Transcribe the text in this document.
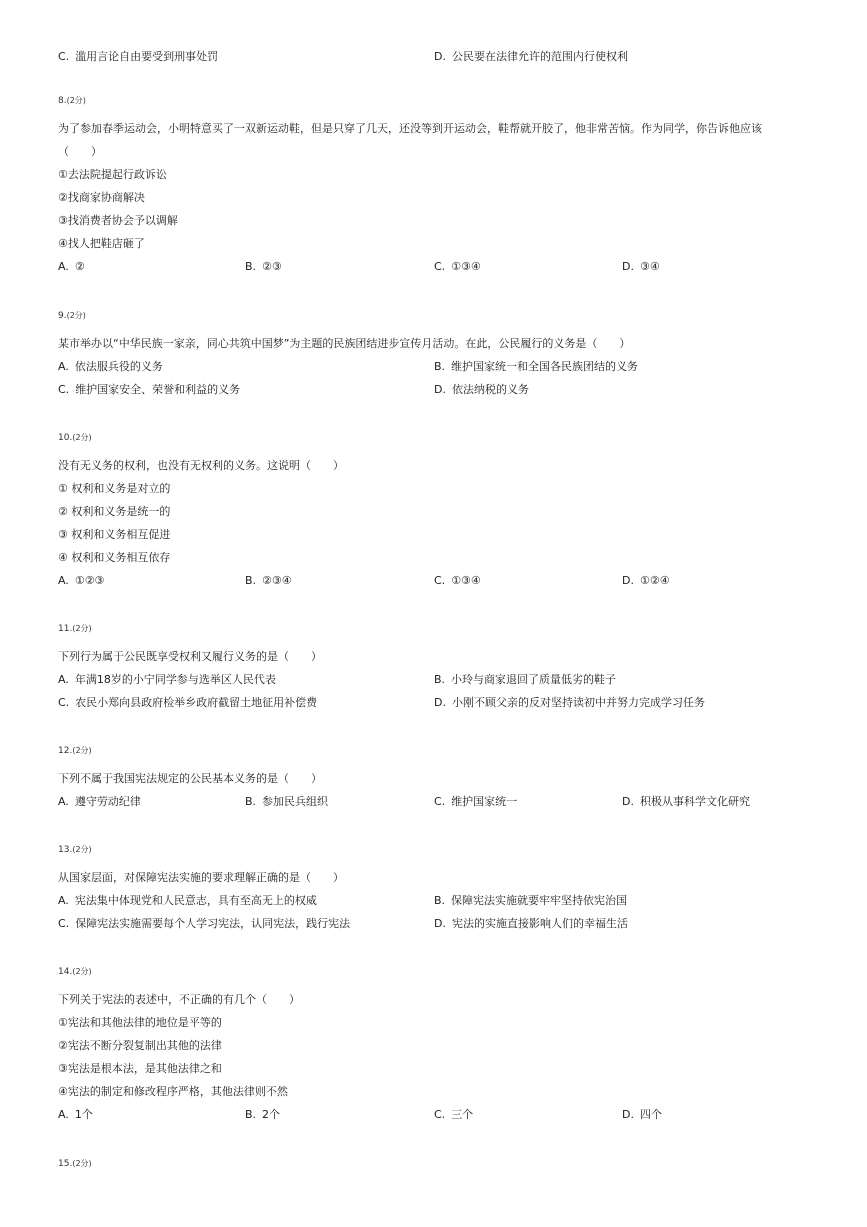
C. 滥用言论自由要受到刑事处罚	D. 公民要在法律允许的范围内行使权利
8.(2分)
为了参加春季运动会，小明特意买了一双新运动鞋，但是只穿了几天，还没等到开运动会，鞋帮就开胶了，他非常苦恼。作为同学，你告诉他应该
（　　）
①去法院提起行政诉讼
②找商家协商解决
③找消费者协会予以调解
④找人把鞋店砸了
A. ②	B. ②③	C. ①③④	D. ③④
9.(2分)
某市举办以“中华民族一家亲，同心共筑中国梦”为主题的民族团结进步宣传月活动。在此，公民履行的义务是（　　）
A. 依法服兵役的义务	B. 维护国家统一和全国各民族团结的义务
C. 维护国家安全、荣誉和利益的义务	D. 依法纳税的义务
10.(2分)
没有无义务的权利，也没有无权利的义务。这说明（　　）
① 权利和义务是对立的
② 权利和义务是统一的
③ 权利和义务相互促进
④ 权利和义务相互依存
A. ①②③	B. ②③④	C. ①③④	D. ①②④
11.(2分)
下列行为属于公民既享受权利又履行义务的是（　　）
A. 年满18岁的小宁同学参与选举区人民代表	B. 小玲与商家退回了质量低劣的鞋子
C. 农民小郑向县政府检举乡政府截留土地征用补偿费	D. 小刚不顾父亲的反对坚持读初中并努力完成学习任务
12.(2分)
下列不属于我国宪法规定的公民基本义务的是（　　）
A. 遵守劳动纪律	B. 参加民兵组织	C. 维护国家统一	D. 积极从事科学文化研究
13.(2分)
从国家层面，对保障宪法实施的要求理解正确的是（　　）
A. 宪法集中体现党和人民意志，具有至高无上的权威	B. 保障宪法实施就要牢牢坚持依宪治国
C. 保障宪法实施需要每个人学习宪法，认同宪法，践行宪法	D. 宪法的实施直接影响人们的幸福生活
14.(2分)
下列关于宪法的表述中，不正确的有几个（　　）
①宪法和其他法律的地位是平等的
②宪法不断分裂复制出其他的法律
③宪法是根本法，是其他法律之和
④宪法的制定和修改程序严格，其他法律则不然
A. 1个	B. 2个	C. 三个	D. 四个
15.(2分)
